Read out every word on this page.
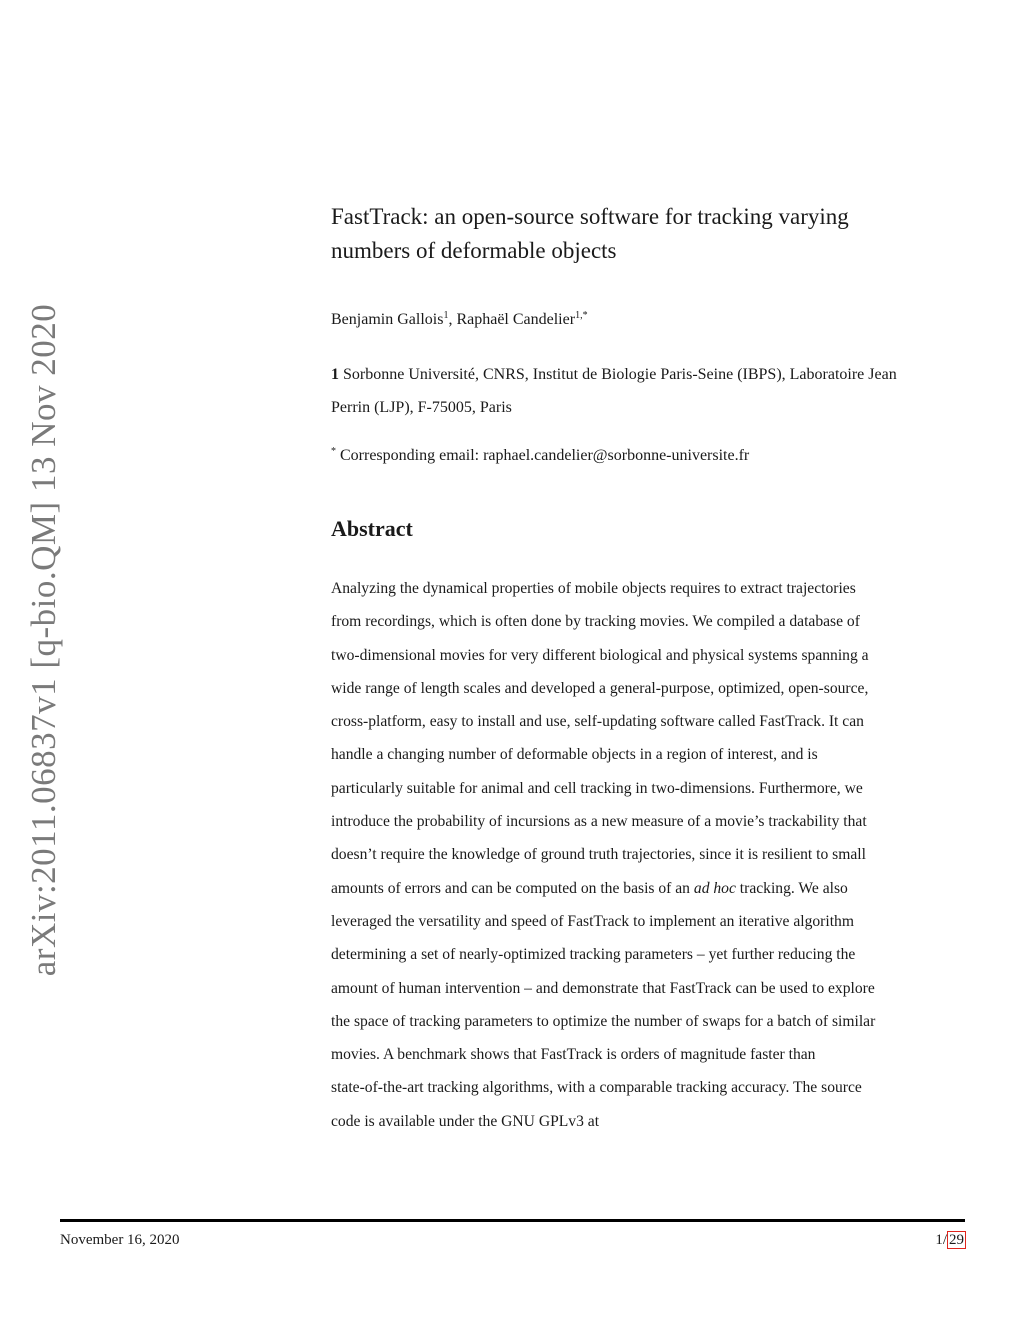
arXiv:2011.06837v1 [q-bio.QM] 13 Nov 2020
FastTrack: an open-source software for tracking varying
numbers of deformable objects
Benjamin Gallois$^1$, Raphaël Candelier$^{1,*}$
1 Sorbonne Université, CNRS, Institut de Biologie Paris-Seine (IBPS), Laboratoire Jean
Perrin (LJP), F-75005, Paris
* Corresponding email: raphael.candelier@sorbonne-universite.fr
Abstract
Analyzing the dynamical properties of mobile objects requires to extract trajectories
from recordings, which is often done by tracking movies. We compiled a database of
two-dimensional movies for very different biological and physical systems spanning a
wide range of length scales and developed a general-purpose, optimized, open-source,
cross-platform, easy to install and use, self-updating software called FastTrack. It can
handle a changing number of deformable objects in a region of interest, and is
particularly suitable for animal and cell tracking in two-dimensions. Furthermore, we
introduce the probability of incursions as a new measure of a movie’s trackability that
doesn’t require the knowledge of ground truth trajectories, since it is resilient to small
amounts of errors and can be computed on the basis of an ad hoc tracking. We also
leveraged the versatility and speed of FastTrack to implement an iterative algorithm
determining a set of nearly-optimized tracking parameters – yet further reducing the
amount of human intervention – and demonstrate that FastTrack can be used to explore
the space of tracking parameters to optimize the number of swaps for a batch of similar
movies. A benchmark shows that FastTrack is orders of magnitude faster than
state-of-the-art tracking algorithms, with a comparable tracking accuracy. The source
code is available under the GNU GPLv3 at
November 16, 2020	1/ 29
